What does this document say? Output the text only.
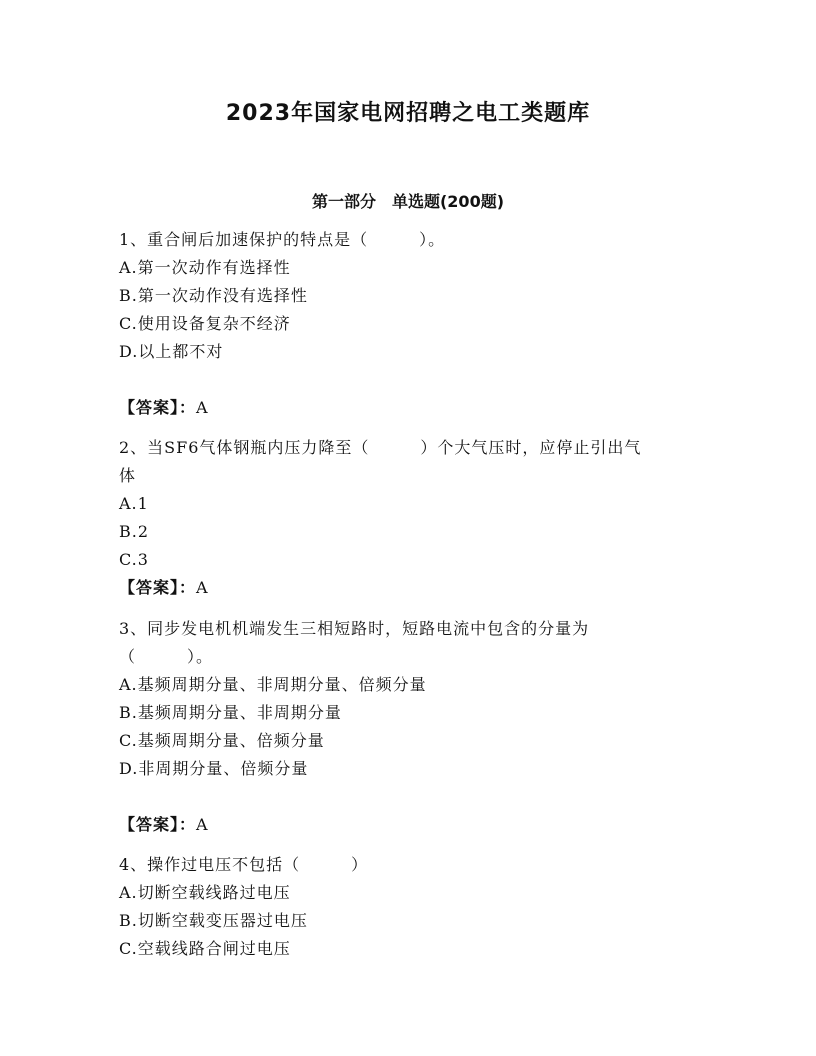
2023年国家电网招聘之电工类题库
第一部分　单选题(200题)
1、重合闸后加速保护的特点是（　　　）。
A.第一次动作有选择性
B.第一次动作没有选择性
C.使用设备复杂不经济
D.以上都不对
【答案】：A
2、当SF6气体钢瓶内压力降至（　　　）个大气压时，应停止引出气
体
A.1
B.2
C.3
【答案】：A
3、同步发电机机端发生三相短路时，短路电流中包含的分量为
（　　　）。
A.基频周期分量、非周期分量、倍频分量
B.基频周期分量、非周期分量
C.基频周期分量、倍频分量
D.非周期分量、倍频分量
【答案】：A
4、操作过电压不包括（　　　）
A.切断空载线路过电压
B.切断空载变压器过电压
C.空载线路合闸过电压
